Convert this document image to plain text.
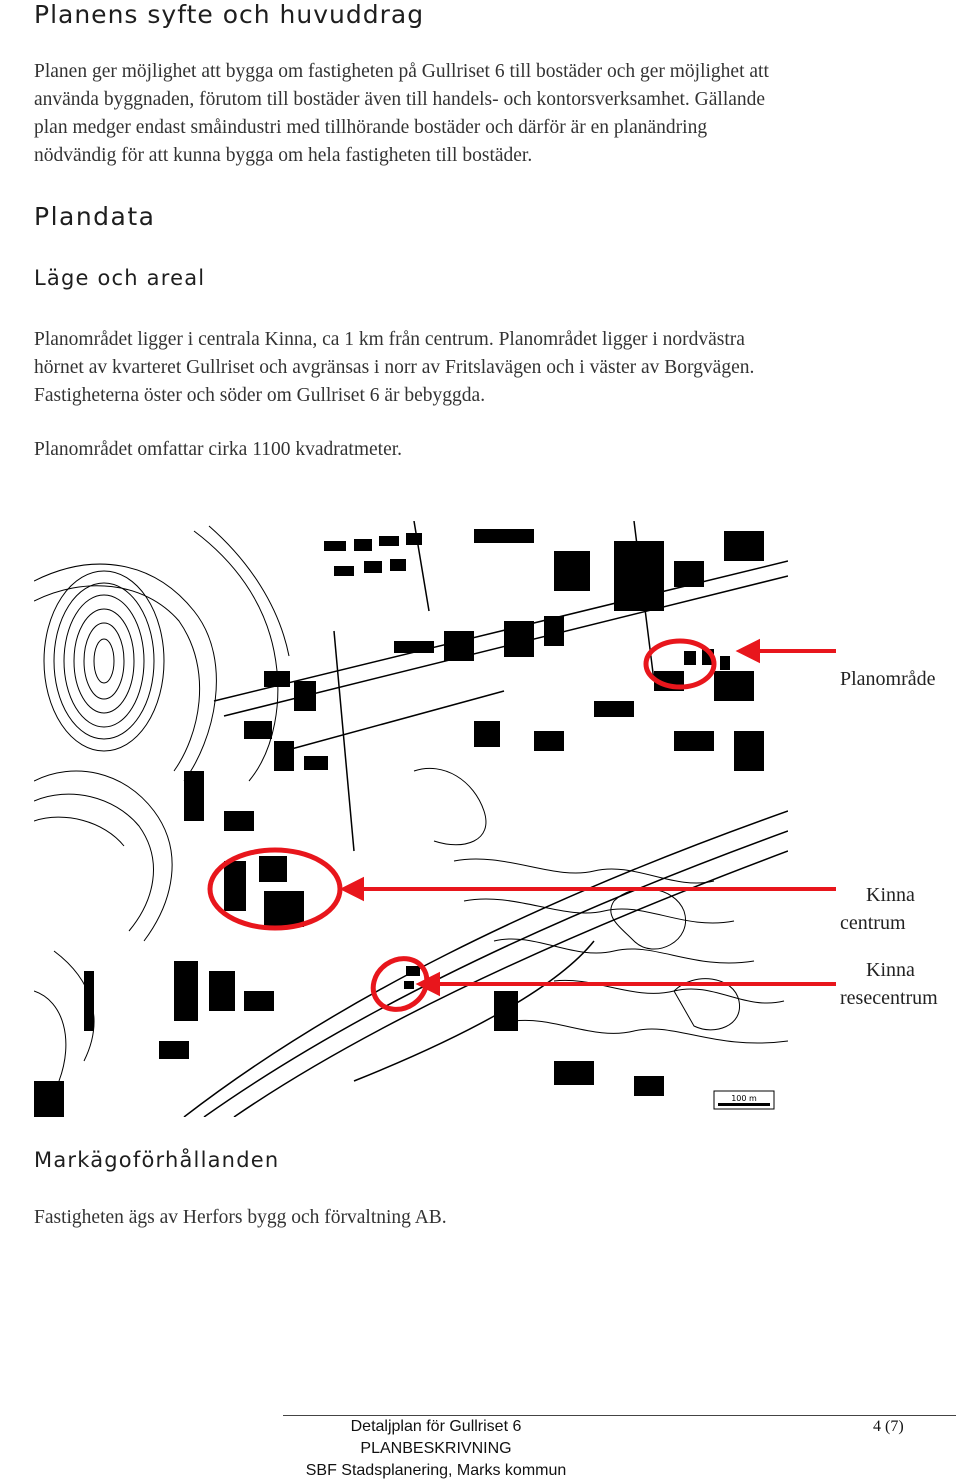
Planens syfte och huvuddrag
Planen ger möjlighet att bygga om fastigheten på Gullriset 6 till bostäder och ger möjlighet att
använda byggnaden, förutom till bostäder även till handels- och kontorsverksamhet. Gällande
plan medger endast småindustri med tillhörande bostäder och därför är en planändring
nödvändig för att kunna bygga om hela fastigheten till bostäder.
Plandata
Läge och areal
Planområdet ligger i centrala Kinna, ca 1 km från centrum. Planområdet ligger i nordvästra
hörnet av kvarteret Gullriset och avgränsas i norr av Fritslavägen och i väster av Borgvägen.
Fastigheterna öster och söder om Gullriset 6 är bebyggda.
Planområdet omfattar cirka 1100 kvadratmeter.
100 m
Planområde
Kinna
centrum
Kinna
resecentrum
Markägoförhållanden
Fastigheten ägs av Herfors bygg och förvaltning AB.
Detaljplan för Gullriset 6
PLANBESKRIVNING
SBF Stadsplanering, Marks kommun
4 (7)
